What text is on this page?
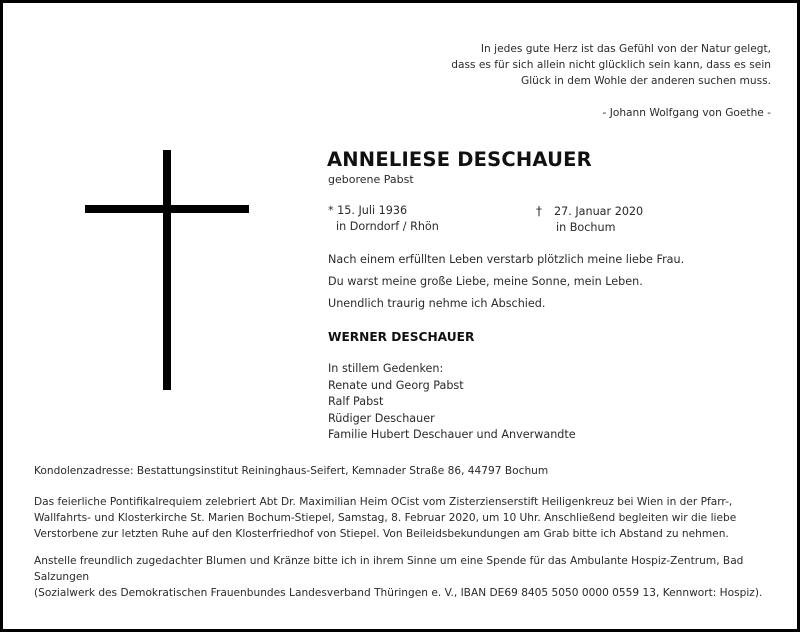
In jedes gute Herz ist das Gefühl von der Natur gelegt,
dass es für sich allein nicht glücklich sein kann, dass es sein
Glück in dem Wohle der anderen suchen muss.
- Johann Wolfgang von Goethe -
ANNELIESE DESCHAUER
geborene Pabst
* 15. Juli 1936
in Dorndorf / Rhön
† 27. Januar 2020
in Bochum
Nach einem erfüllten Leben verstarb plötzlich meine liebe Frau.
Du warst meine große Liebe, meine Sonne, mein Leben.
Unendlich traurig nehme ich Abschied.
WERNER DESCHAUER
In stillem Gedenken:
Renate und Georg Pabst
Ralf Pabst
Rüdiger Deschauer
Familie Hubert Deschauer und Anverwandte
Kondolenzadresse: Bestattungsinstitut Reininghaus-Seifert, Kemnader Straße 86, 44797 Bochum
Das feierliche Pontifikalrequiem zelebriert Abt Dr. Maximilian Heim OCist vom Zisterzienserstift Heiligenkreuz bei Wien in der Pfarr-,
Wallfahrts- und Klosterkirche St. Marien Bochum-Stiepel, Samstag, 8. Februar 2020, um 10 Uhr. Anschließend begleiten wir die liebe
Verstorbene zur letzten Ruhe auf den Klosterfriedhof von Stiepel. Von Beileidsbekundungen am Grab bitte ich Abstand zu nehmen.
Anstelle freundlich zugedachter Blumen und Kränze bitte ich in ihrem Sinne um eine Spende für das Ambulante Hospiz-Zentrum, Bad Salzungen
(Sozialwerk des Demokratischen Frauenbundes Landesverband Thüringen e. V., IBAN DE69 8405 5050 0000 0559 13, Kennwort: Hospiz).
